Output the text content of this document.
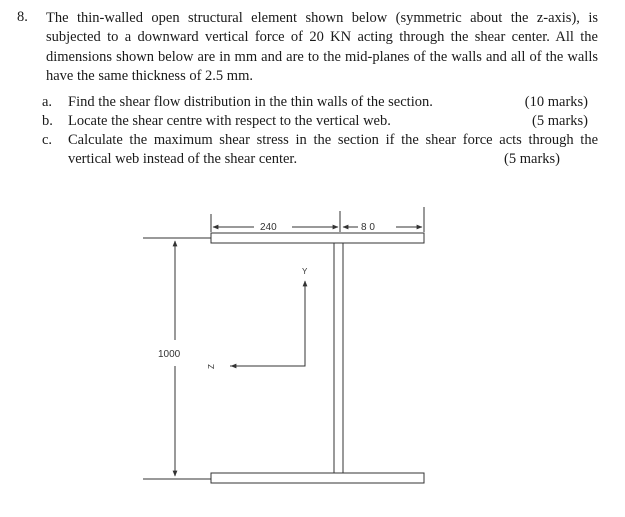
8. The thin-walled open structural element shown below (symmetric about the z-axis), is subjected to a downward vertical force of 20 KN acting through the shear center. All the dimensions shown below are in mm and are to the mid-planes of the walls and all of the walls have the same thickness of 2.5 mm.
a. Find the shear flow distribution in the thin walls of the section.	(10 marks)
b. Locate the shear centre with respect to the vertical web.	(5 marks)
c. Calculate the maximum shear stress in the section if the shear force acts through the vertical web instead of the shear center.	(5 marks)
240	8 0
1000
Y
Z
